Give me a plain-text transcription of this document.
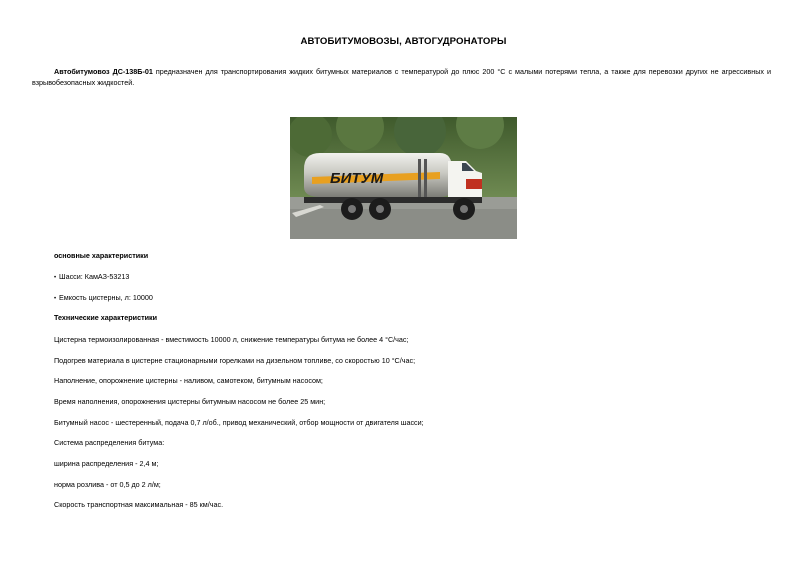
АВТОБИТУМОВОЗЫ, АВТОГУДРОНАТОРЫ

Автобитумовоз ДС-138Б-01 предназначен для транспортирования жидких битумных материалов с температурой до плюс 200 °С с малыми потерями тепла, а также для перевозки других не агрессивных и взрывобезопасных жидкостей.

БИТУМ
основные характеристики
• Шасси: КамАЗ-53213
• Емкость цистерны, л: 10000
Технические характеристики
Цистерна термоизолированная - вместимость 10000 л, снижение температуры битума не более 4 °С/час;
Подогрев материала в цистерне стационарными горелками на дизельном топливе, со скоростью 10 °С/час;
Наполнение, опорожнение цистерны - наливом, самотеком, битумным насосом;
Время наполнения, опорожнения цистерны битумным насосом не более 25 мин;
Битумный насос - шестеренный, подача 0,7 л/об., привод механический, отбор мощности от двигателя шасси;
Система распределения битума:
ширина распределения - 2,4 м;
норма розлива - от 0,5 до 2 л/м;
Скорость транспортная максимальная - 85 км/час.
